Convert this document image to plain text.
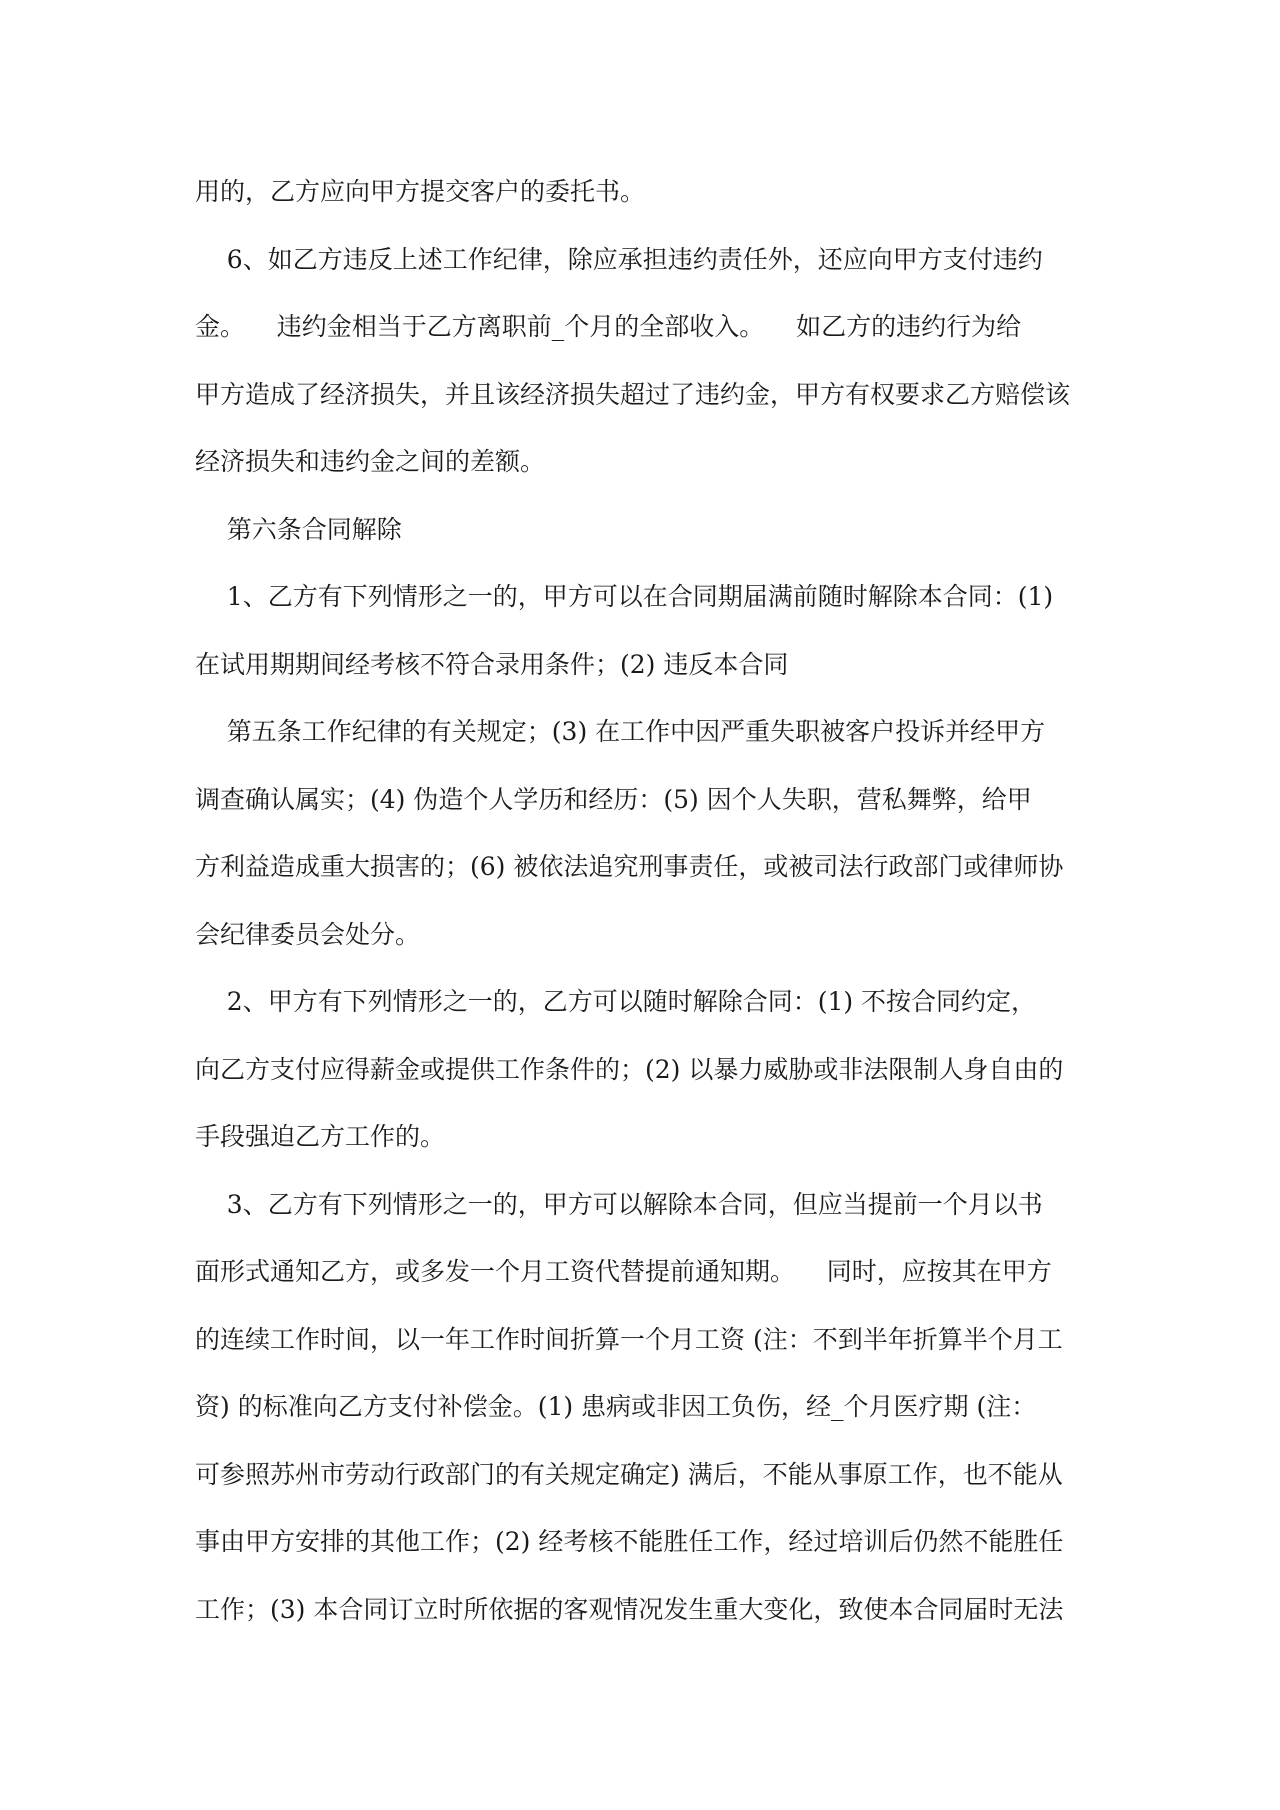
用的，乙方应向甲方提交客户的委托书。
6、如乙方违反上述工作纪律，除应承担违约责任外，还应向甲方支付违约
金。    违约金相当于乙方离职前_个月的全部收入。    如乙方的违约行为给
甲方造成了经济损失，并且该经济损失超过了违约金，甲方有权要求乙方赔偿该
经济损失和违约金之间的差额。
第六条合同解除
1、乙方有下列情形之一的，甲方可以在合同期届满前随时解除本合同：(1)
在试用期期间经考核不符合录用条件；(2) 违反本合同
第五条工作纪律的有关规定；(3) 在工作中因严重失职被客户投诉并经甲方
调查确认属实；(4) 伪造个人学历和经历：(5) 因个人失职，营私舞弊，给甲
方利益造成重大损害的；(6) 被依法追究刑事责任，或被司法行政部门或律师协
会纪律委员会处分。
2、甲方有下列情形之一的，乙方可以随时解除合同：(1) 不按合同约定，
向乙方支付应得薪金或提供工作条件的；(2) 以暴力威胁或非法限制人身自由的
手段强迫乙方工作的。
3、乙方有下列情形之一的，甲方可以解除本合同，但应当提前一个月以书
面形式通知乙方，或多发一个月工资代替提前通知期。    同时，应按其在甲方
的连续工作时间，以一年工作时间折算一个月工资 (注：不到半年折算半个月工
资) 的标准向乙方支付补偿金。(1) 患病或非因工负伤，经_个月医疗期 (注：
可参照苏州市劳动行政部门的有关规定确定) 满后，不能从事原工作，也不能从
事由甲方安排的其他工作；(2) 经考核不能胜任工作，经过培训后仍然不能胜任
工作；(3) 本合同订立时所依据的客观情况发生重大变化，致使本合同届时无法
